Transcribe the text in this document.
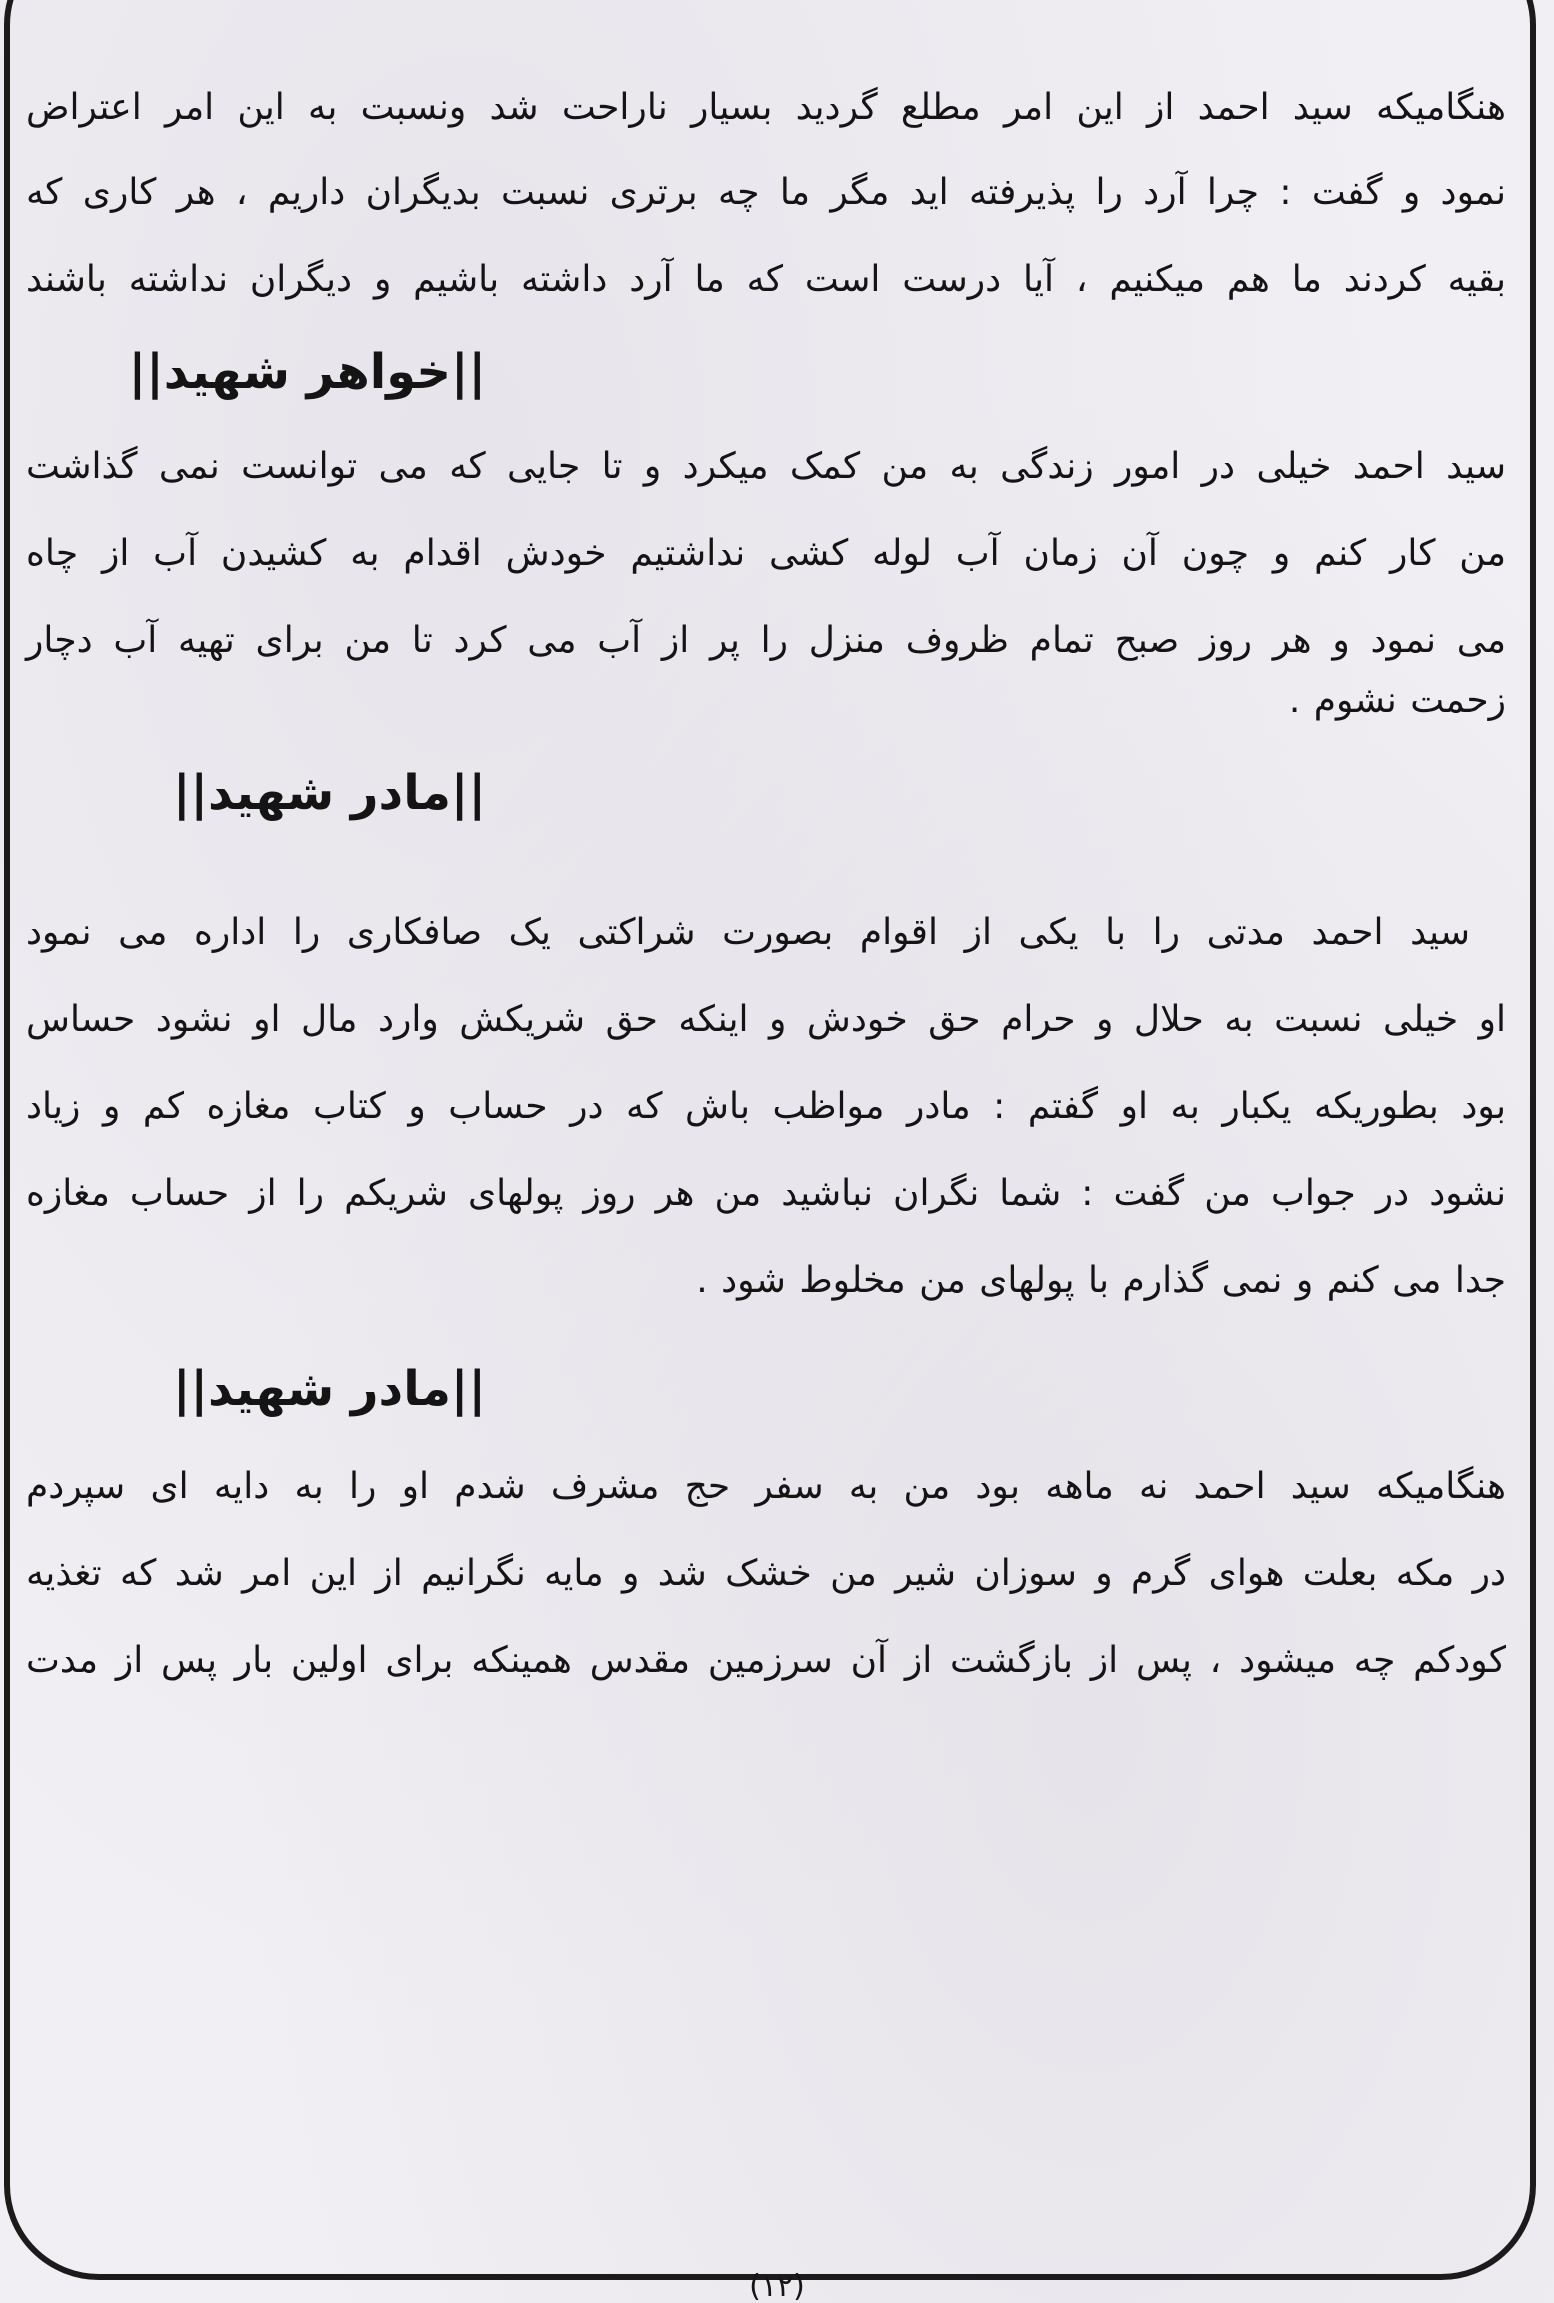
هنگامیکه سید احمد از این امر مطلع گردید بسیار ناراحت شد ونسبت به این امر اعتراض
نمود و گفت : چرا آرد را پذیرفته اید مگر ما چه برتری نسبت بدیگران داریم ، هر کاری که
بقیه کردند ما هم میکنیم ، آیا درست است که ما آرد داشته باشیم و دیگران نداشته باشند
||خواهر شهید||
سید احمد خیلی در امور زندگی به من کمک میکرد و تا جایی که می توانست نمی گذاشت
من کار کنم و چون آن زمان آب لوله کشی نداشتیم خودش اقدام به کشیدن آب از چاه
می نمود و هر روز صبح تمام ظروف منزل را پر از آب می کرد تا من برای تهیه آب دچار
زحمت نشوم .
||مادر شهید||
سید احمد مدتی را با یکی از اقوام بصورت شراکتی یک صافکاری را اداره می نمود
او خیلی نسبت به حلال و حرام حق خودش و اینکه حق شریکش وارد مال او نشود حساس
بود بطوریکه یکبار به او گفتم : مادر مواظب باش که در حساب و کتاب مغازه کم و زیاد
نشود در جواب من گفت : شما نگران نباشید من هر روز پولهای شریکم را از حساب مغازه
جدا می کنم و نمی گذارم با پولهای من مخلوط شود .
||مادر شهید||
هنگامیکه سید احمد نه ماهه بود من به سفر حج مشرف شدم او را به دایه ای سپردم
در مکه بعلت هوای گرم و سوزان شیر من خشک شد و مایه نگرانیم از این امر شد که تغذیه
کودکم چه میشود ، پس از بازگشت از آن سرزمین مقدس همینکه برای اولین بار پس از مدت
(۱۲)
